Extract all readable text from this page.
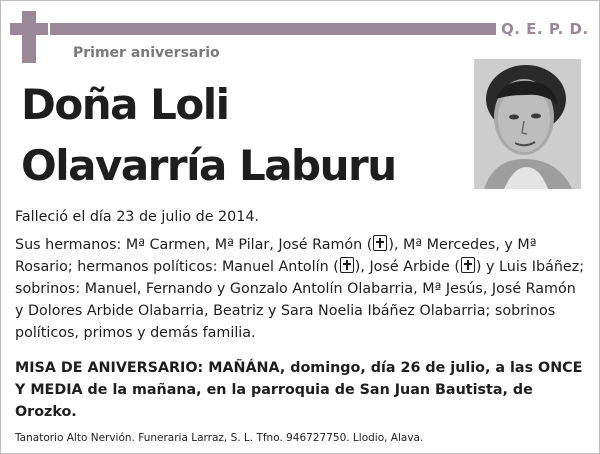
Q. E. P. D.
Primer aniversario
Doña Loli
Olavarría Laburu
Falleció el día 23 de julio de 2014.
Sus hermanos: Mª Carmen, Mª Pilar, José Ramón ( ), Mª Mercedes, y Mª Rosario; hermanos políticos: Manuel Antolín ( ), José Arbide ( ) y Luis Ibáñez; sobrinos: Manuel, Fernando y Gonzalo Antolín Olabarria, Mª Jesús, José Ramón y Dolores Arbide Olabarria, Beatriz y Sara Noelia Ibáñez Olabarria; sobrinos políticos, primos y demás familia.
MISA DE ANIVERSARIO: MAÑÁNA, domingo, día 26 de julio, a las ONCE Y MEDIA de la mañana, en la parroquia de San Juan Bautista, de Orozko.
Tanatorio Alto Nervión. Funeraria Larraz, S. L. Tfno. 946727750. Llodio, Alava.
